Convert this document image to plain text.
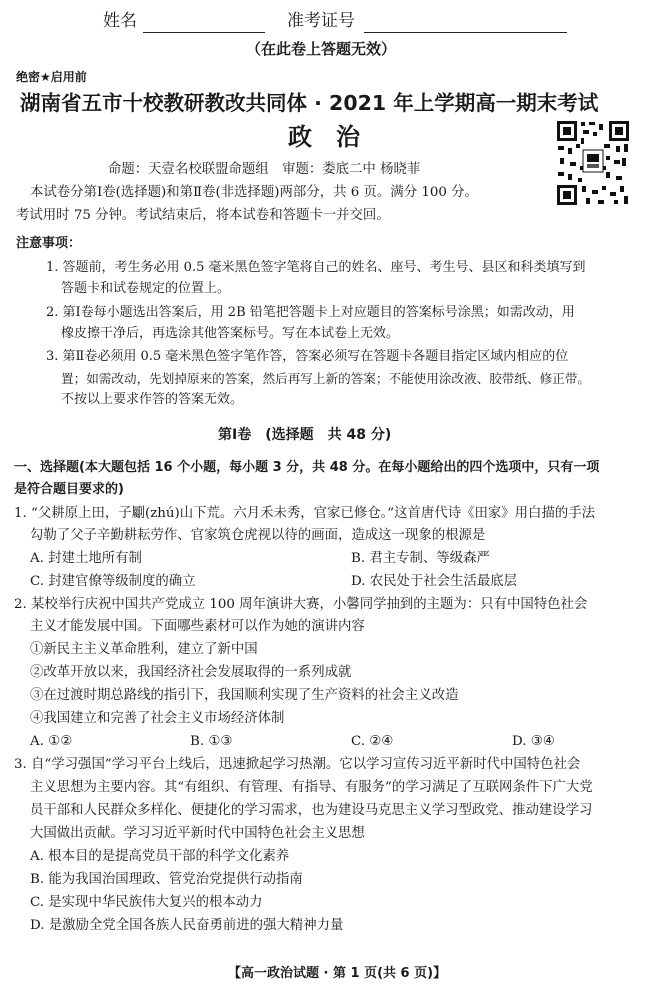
姓名	准考证号
（在此卷上答题无效）
绝密★启用前
湖南省五市十校教研教改共同体 · 2021 年上学期高一期末考试
政　治
命题：天壹名校联盟命题组　审题：娄底二中 杨晓菲
本试卷分第Ⅰ卷(选择题)和第Ⅱ卷(非选择题)两部分，共 6 页。满分 100 分。
考试用时 75 分钟。考试结束后，将本试卷和答题卡一并交回。
注意事项：
1. 答题前，考生务必用 0.5 毫米黑色签字笔将自己的姓名、座号、考生号、县区和科类填写到
答题卡和试卷规定的位置上。
2. 第Ⅰ卷每小题选出答案后，用 2B 铅笔把答题卡上对应题目的答案标号涂黑；如需改动，用
橡皮擦干净后，再选涂其他答案标号。写在本试卷上无效。
3. 第Ⅱ卷必须用 0.5 毫米黑色签字笔作答，答案必须写在答题卡各题目指定区域内相应的位
置；如需改动，先划掉原来的答案，然后再写上新的答案；不能使用涂改液、胶带纸、修正带。
不按以上要求作答的答案无效。
第Ⅰ卷　(选择题　共 48 分)
一、选择题(本大题包括 16 个小题，每小题 3 分，共 48 分。在每小题给出的四个选项中，只有一项
是符合题目要求的)
1. “父耕原上田，子劚(zhú)山下荒。六月禾未秀，官家已修仓。”这首唐代诗《田家》用白描的手法
勾勒了父子辛勤耕耘劳作、官家筑仓虎视以待的画面，造成这一现象的根源是
A. 封建土地所有制	B. 君主专制、等级森严
C. 封建官僚等级制度的确立	D. 农民处于社会生活最底层
2. 某校举行庆祝中国共产党成立 100 周年演讲大赛，小馨同学抽到的主题为：只有中国特色社会
主义才能发展中国。下面哪些素材可以作为她的演讲内容
①新民主主义革命胜利，建立了新中国
②改革开放以来，我国经济社会发展取得的一系列成就
③在过渡时期总路线的指引下，我国顺利实现了生产资料的社会主义改造
④我国建立和完善了社会主义市场经济体制
A. ①②	B. ①③	C. ②④	D. ③④
3. 自“学习强国”学习平台上线后，迅速掀起学习热潮。它以学习宣传习近平新时代中国特色社会
主义思想为主要内容。其“有组织、有管理、有指导、有服务”的学习满足了互联网条件下广大党
员干部和人民群众多样化、便捷化的学习需求，也为建设马克思主义学习型政党、推动建设学习
大国做出贡献。学习习近平新时代中国特色社会主义思想
A. 根本目的是提高党员干部的科学文化素养
B. 能为我国治国理政、管党治党提供行动指南
C. 是实现中华民族伟大复兴的根本动力
D. 是激励全党全国各族人民奋勇前进的强大精神力量
【高一政治试题 · 第 1 页(共 6 页)】
